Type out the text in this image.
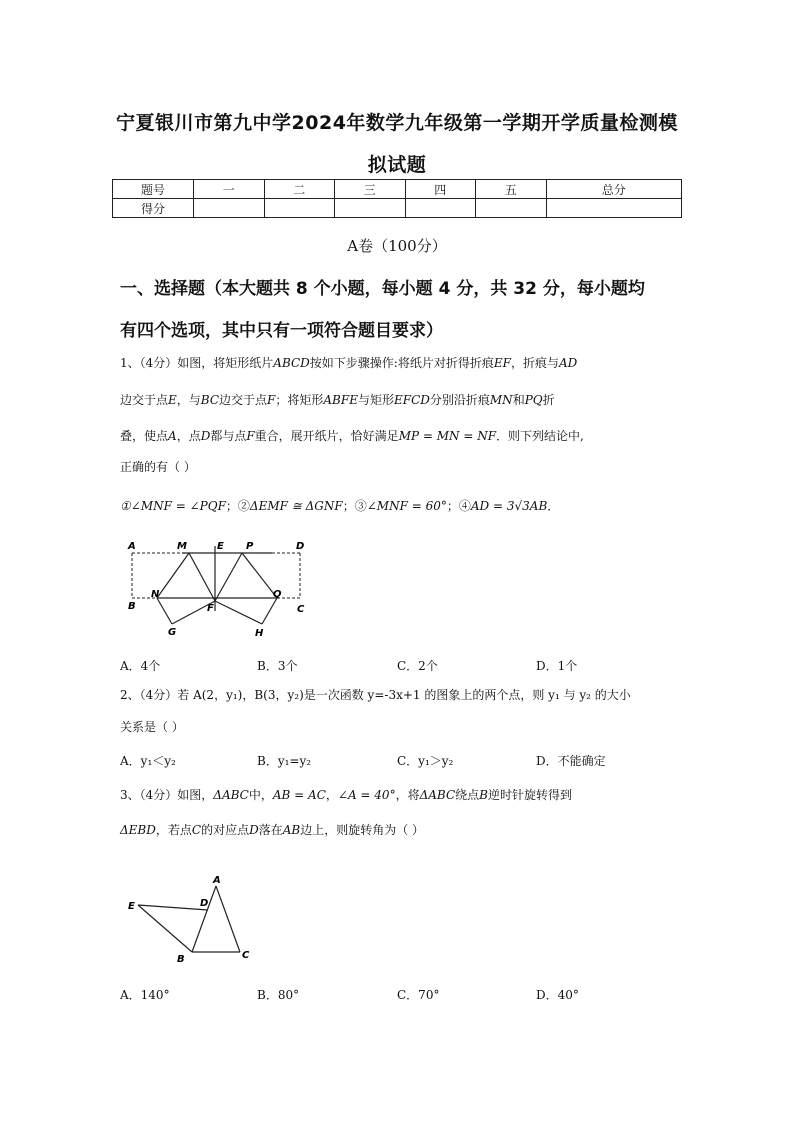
宁夏银川市第九中学2024年数学九年级第一学期开学质量检测模
拟试题
题号	一	二	三	四	五	总分
得分						
A卷（100分）
一、选择题（本大题共 8 个小题，每小题 4 分，共 32 分，每小题均
有四个选项，其中只有一项符合题目要求）
1、（4分）如图，将矩形纸片ABCD按如下步骤操作:将纸片对折得折痕EF，折痕与AD
边交于点E，与BC边交于点F；将矩形ABFE与矩形EFCD分别沿折痕MN和PQ折
叠，使点A，点D都与点F重合，展开纸片，恰好满足MP = MN = NF．则下列结论中,
正确的有（ ）
①∠MNF = ∠PQF；②ΔEMF ≅ ΔGNF；③∠MNF = 60°；④AD = 3√3AB．
A	M	E P	D
B
N
F
Q
C
G	H
A．4个	B．3个	C．2个	D．1个
2、（4分）若 A(2，y₁)，B(3，y₂)是一次函数 y=-3x+1 的图象上的两个点，则 y₁ 与 y₂ 的大小
关系是（ ）
A．y₁＜y₂	B．y₁=y₂	C．y₁＞y₂	D．不能确定
3、（4分）如图，ΔABC中，AB = AC，∠A = 40°，将ΔABC绕点B逆时针旋转得到
ΔEBD，若点C的对应点D落在AB边上，则旋转角为（ ）
A
E	D
B	C
A．140°	B．80°	C．70°	D．40°
